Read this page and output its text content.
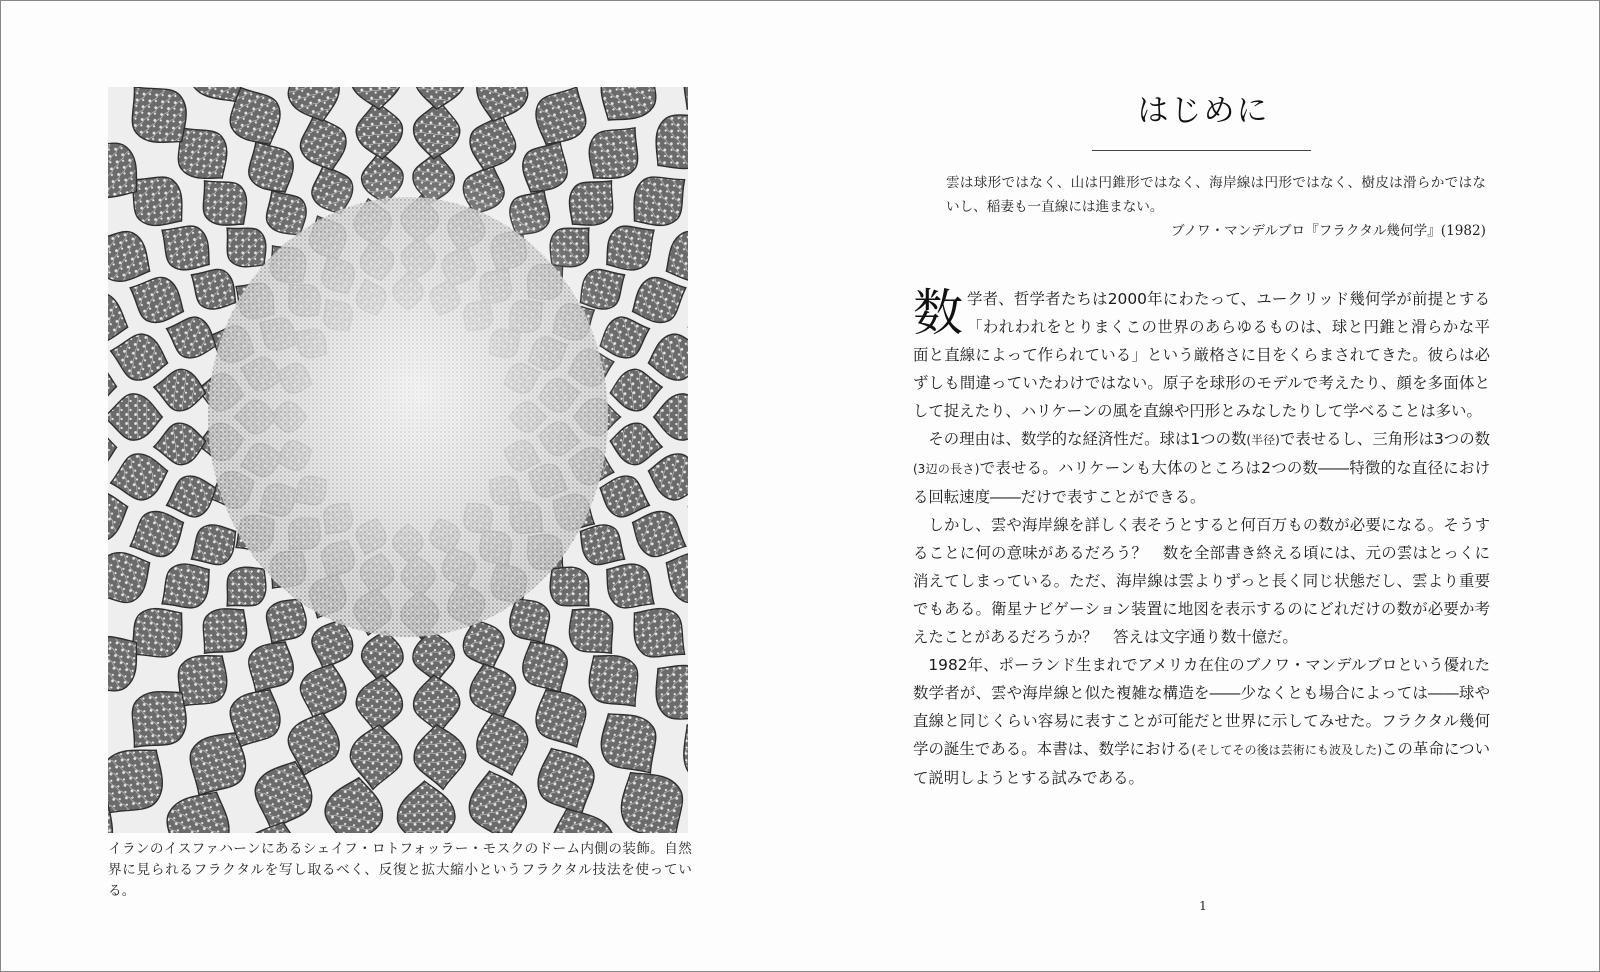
イランのイスファハーンにあるシェイフ・ロトフォッラー・モスクのドーム内側の装飾。自然界に見られるフラクタルを写し取るべく、反復と拡大縮小というフラクタル技法を使っている。

はじめに

雲は球形ではなく、山は円錐形ではなく、海岸線は円形ではなく、樹皮は滑らかではないし、稲妻も一直線には進まない。

ブノワ・マンデルブロ『フラクタル幾何学』(1982)

数学者、哲学者たちは2000年にわたって、ユークリッド幾何学が前提とする「われわれをとりまくこの世界のあらゆるものは、球と円錐と滑らかな平面と直線によって作られている」という厳格さに目をくらまされてきた。彼らは必ずしも間違っていたわけではない。原子を球形のモデルで考えたり、顔を多面体として捉えたり、ハリケーンの風を直線や円形とみなしたりして学べることは多い。

その理由は、数学的な経済性だ。球は1つの数(半径)で表せるし、三角形は3つの数(3辺の長さ)で表せる。ハリケーンも大体のところは2つの数――特徴的な直径における回転速度――だけで表すことができる。

しかし、雲や海岸線を詳しく表そうとすると何百万もの数が必要になる。そうすることに何の意味があるだろう？　数を全部書き終える頃には、元の雲はとっくに消えてしまっている。ただ、海岸線は雲よりずっと長く同じ状態だし、雲より重要でもある。衛星ナビゲーション装置に地図を表示するのにどれだけの数が必要か考えたことがあるだろうか？　答えは文字通り数十億だ。

1982年、ポーランド生まれでアメリカ在住のブノワ・マンデルブロという優れた数学者が、雲や海岸線と似た複雑な構造を――少なくとも場合によっては――球や直線と同じくらい容易に表すことが可能だと世界に示してみせた。フラクタル幾何学の誕生である。本書は、数学における(そしてその後は芸術にも波及した)この革命について説明しようとする試みである。

1
